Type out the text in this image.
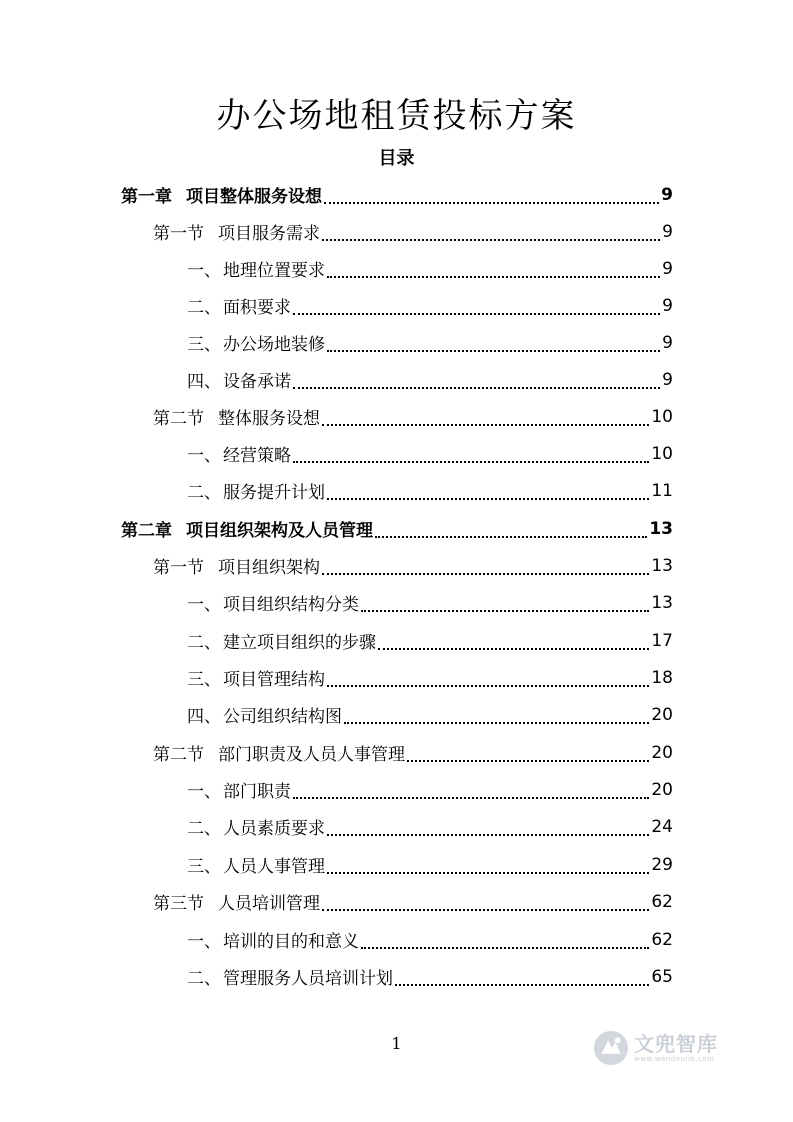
办公场地租赁投标方案
目录
第一章 项目整体服务设想	9
第一节 项目服务需求	9
一、 地理位置要求	9
二、 面积要求	9
三、 办公场地装修	9
四、 设备承诺	9
第二节 整体服务设想	10
一、 经营策略	10
二、 服务提升计划	11
第二章 项目组织架构及人员管理	13
第一节 项目组织架构	13
一、 项目组织结构分类	13
二、 建立项目组织的步骤	17
三、 项目管理结构	18
四、 公司组织结构图	20
第二节 部门职责及人员人事管理	20
一、 部门职责	20
二、 人员素质要求	24
三、 人员人事管理	29
第三节 人员培训管理	62
一、 培训的目的和意义	62
二、 管理服务人员培训计划	65
1	文兜智库
www.wendoulib.com
